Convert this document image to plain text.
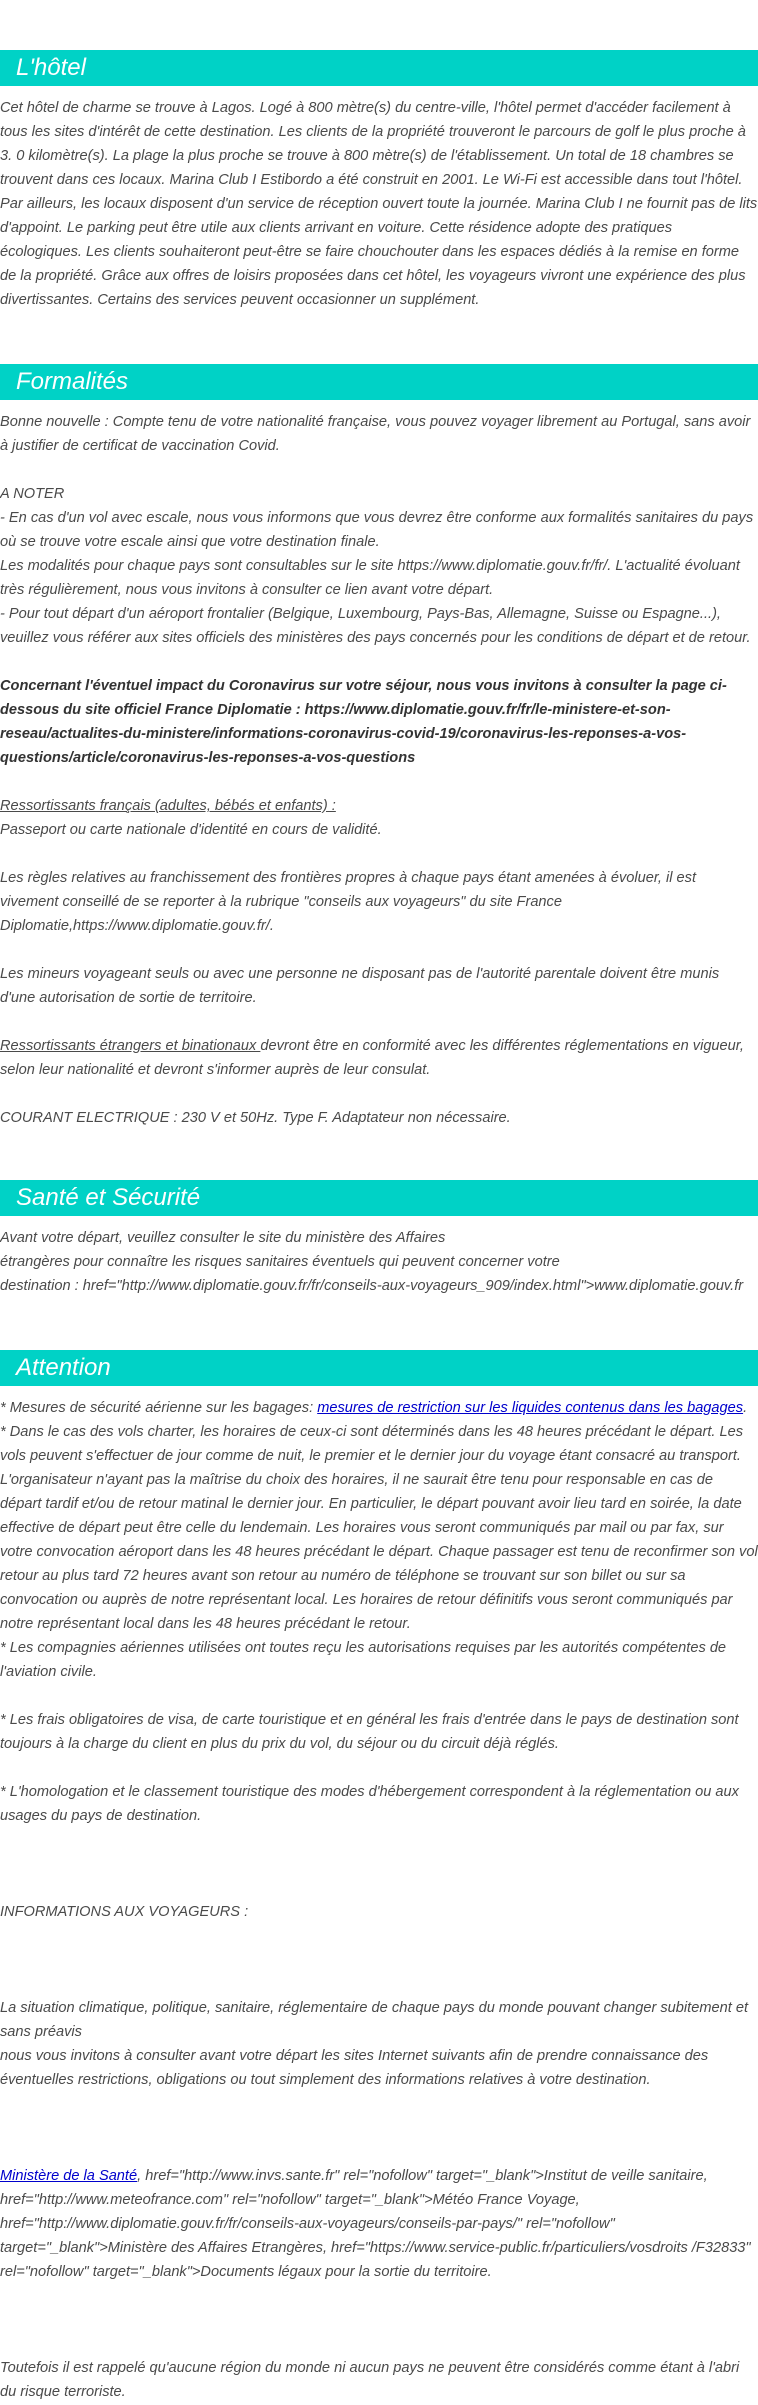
L'hôtel

Cet hôtel de charme se trouve à Lagos. Logé à 800 mètre(s) du centre-ville, l'hôtel permet d'accéder facilement à tous les sites d'intérêt de cette destination. Les clients de la propriété trouveront le parcours de golf le plus proche à 3. 0 kilomètre(s). La plage la plus proche se trouve à 800 mètre(s) de l'établissement. Un total de 18 chambres se trouvent dans ces locaux. Marina Club I Estibordo a été construit en 2001. Le Wi-Fi est accessible dans tout l'hôtel. Par ailleurs, les locaux disposent d'un service de réception ouvert toute la journée. Marina Club I ne fournit pas de lits d'appoint. Le parking peut être utile aux clients arrivant en voiture. Cette résidence adopte des pratiques écologiques. Les clients souhaiteront peut-être se faire chouchouter dans les espaces dédiés à la remise en forme de la propriété. Grâce aux offres de loisirs proposées dans cet hôtel, les voyageurs vivront une expérience des plus divertissantes. Certains des services peuvent occasionner un supplément.

Formalités

Bonne nouvelle : Compte tenu de votre nationalité française, vous pouvez voyager librement au Portugal, sans avoir à justifier de certificat de vaccination Covid.

A NOTER

- En cas d'un vol avec escale, nous vous informons que vous devrez être conforme aux formalités sanitaires du pays où se trouve votre escale ainsi que votre destination finale.

Les modalités pour chaque pays sont consultables sur le site https://www.diplomatie.gouv.fr/fr/. L'actualité évoluant très régulièrement, nous vous invitons à consulter ce lien avant votre départ.

- Pour tout départ d'un aéroport frontalier (Belgique, Luxembourg, Pays-Bas, Allemagne, Suisse ou Espagne...), veuillez vous référer aux sites officiels des ministères des pays concernés pour les conditions de départ et de retour.

Concernant l'éventuel impact du Coronavirus sur votre séjour, nous vous invitons à consulter la page ci-dessous du site officiel France Diplomatie : https://www.diplomatie.gouv.fr/fr/le-ministere-et-son-reseau/actualites-du-ministere/informations-coronavirus-covid-19/coronavirus-les-reponses-a-vos-questions/article/coronavirus-les-reponses-a-vos-questions

Ressortissants français (adultes, bébés et enfants) :

Passeport ou carte nationale d'identité en cours de validité.

Les règles relatives au franchissement des frontières propres à chaque pays étant amenées à évoluer, il est vivement conseillé de se reporter à la rubrique "conseils aux voyageurs" du site France Diplomatie,https://www.diplomatie.gouv.fr/.

Les mineurs voyageant seuls ou avec une personne ne disposant pas de l'autorité parentale doivent être munis d'une autorisation de sortie de territoire.

Ressortissants étrangers et binationaux devront être en conformité avec les différentes réglementations en vigueur, selon leur nationalité et devront s'informer auprès de leur consulat.

COURANT ELECTRIQUE : 230 V et 50Hz. Type F. Adaptateur non nécessaire.

Santé et Sécurité

Avant votre départ, veuillez consulter le site du ministère des Affaires

étrangères pour connaître les risques sanitaires éventuels qui peuvent concerner votre

destination : href="http://www.diplomatie.gouv.fr/fr/conseils-aux-voyageurs_909/index.html">www.diplomatie.gouv.fr

Attention

* Mesures de sécurité aérienne sur les bagages: mesures de restriction sur les liquides contenus dans les bagages.

* Dans le cas des vols charter, les horaires de ceux-ci sont déterminés dans les 48 heures précédant le départ. Les vols peuvent s'effectuer de jour comme de nuit, le premier et le dernier jour du voyage étant consacré au transport. L'organisateur n'ayant pas la maîtrise du choix des horaires, il ne saurait être tenu pour responsable en cas de départ tardif et/ou de retour matinal le dernier jour. En particulier, le départ pouvant avoir lieu tard en soirée, la date effective de départ peut être celle du lendemain. Les horaires vous seront communiqués par mail ou par fax, sur votre convocation aéroport dans les 48 heures précédant le départ. Chaque passager est tenu de reconfirmer son vol retour au plus tard 72 heures avant son retour au numéro de téléphone se trouvant sur son billet ou sur sa convocation ou auprès de notre représentant local. Les horaires de retour définitifs vous seront communiqués par notre représentant local dans les 48 heures précédant le retour.

* Les compagnies aériennes utilisées ont toutes reçu les autorisations requises par les autorités compétentes de l'aviation civile.

* Les frais obligatoires de visa, de carte touristique et en général les frais d'entrée dans le pays de destination sont toujours à la charge du client en plus du prix du vol, du séjour ou du circuit déjà réglés.

* L'homologation et le classement touristique des modes d'hébergement correspondent à la réglementation ou aux usages du pays de destination.

INFORMATIONS AUX VOYAGEURS :

La situation climatique, politique, sanitaire, réglementaire de chaque pays du monde pouvant changer subitement et sans préavis

nous vous invitons à consulter avant votre départ les sites Internet suivants afin de prendre connaissance des éventuelles restrictions, obligations ou tout simplement des informations relatives à votre destination.

Ministère de la Santé, href="http://www.invs.sante.fr" rel="nofollow" target="_blank">Institut de veille sanitaire, href="http://www.meteofrance.com" rel="nofollow" target="_blank">Météo France Voyage, href="http://www.diplomatie.gouv.fr/fr/conseils-aux-voyageurs/conseils-par-pays/" rel="nofollow" target="_blank">Ministère des Affaires Etrangères, href="https://www.service-public.fr/particuliers/vosdroits /F32833" rel="nofollow" target="_blank">Documents légaux pour la sortie du territoire.

Toutefois il est rappelé qu'aucune région du monde ni aucun pays ne peuvent être considérés comme étant à l'abri du risque terroriste.
